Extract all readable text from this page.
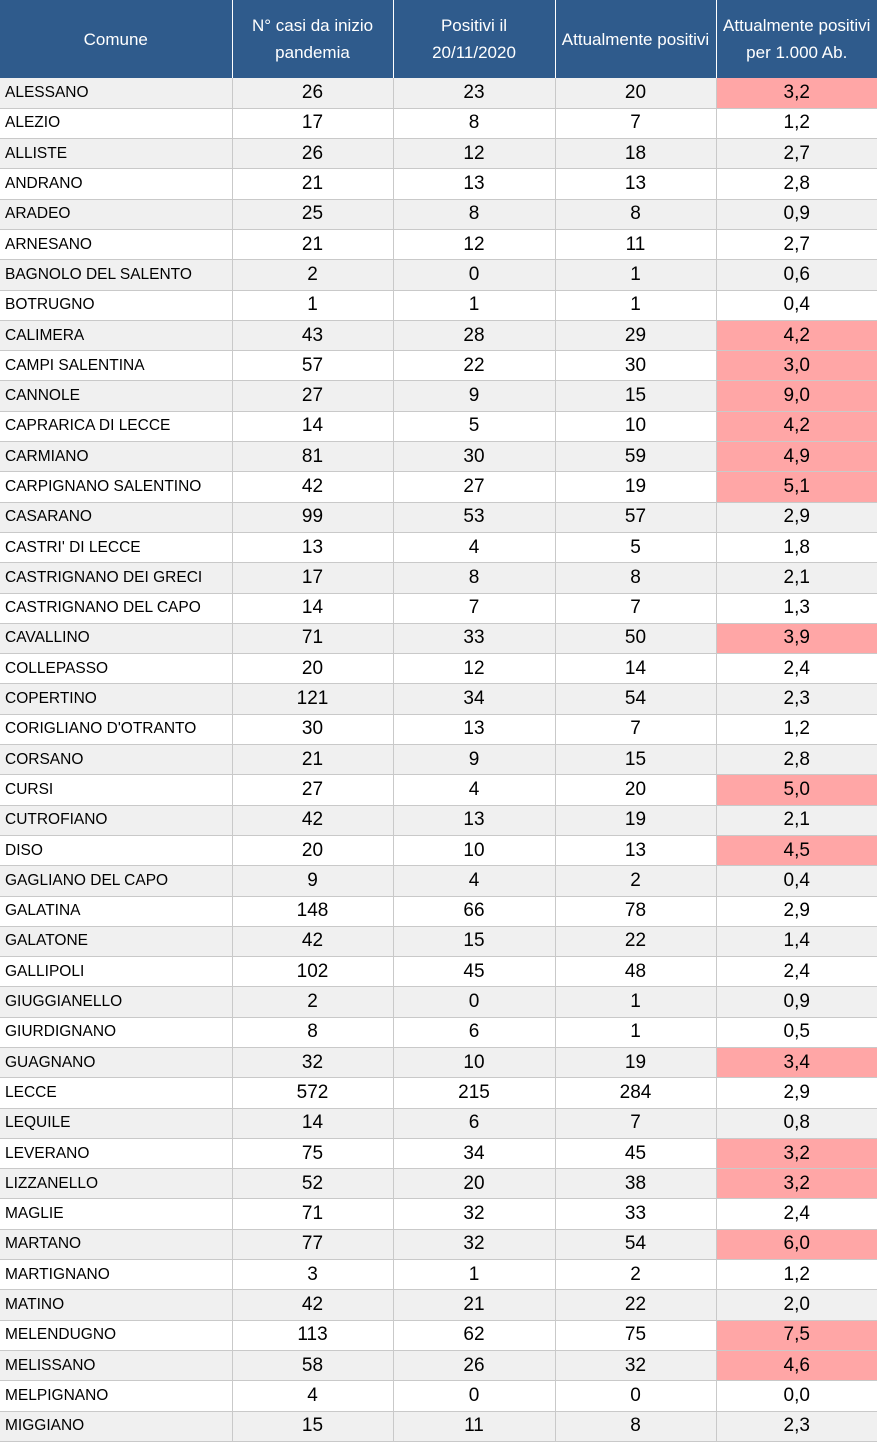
Comune	N° casi da inizio pandemia	Positivi il 20/11/2020	Attualmente positivi	Attualmente positivi per 1.000 Ab.
ALESSANO	26	23	20	3,2
ALEZIO	17	8	7	1,2
ALLISTE	26	12	18	2,7
ANDRANO	21	13	13	2,8
ARADEO	25	8	8	0,9
ARNESANO	21	12	11	2,7
BAGNOLO DEL SALENTO	2	0	1	0,6
BOTRUGNO	1	1	1	0,4
CALIMERA	43	28	29	4,2
CAMPI SALENTINA	57	22	30	3,0
CANNOLE	27	9	15	9,0
CAPRARICA DI LECCE	14	5	10	4,2
CARMIANO	81	30	59	4,9
CARPIGNANO SALENTINO	42	27	19	5,1
CASARANO	99	53	57	2,9
CASTRI' DI LECCE	13	4	5	1,8
CASTRIGNANO DEI GRECI	17	8	8	2,1
CASTRIGNANO DEL CAPO	14	7	7	1,3
CAVALLINO	71	33	50	3,9
COLLEPASSO	20	12	14	2,4
COPERTINO	121	34	54	2,3
CORIGLIANO D'OTRANTO	30	13	7	1,2
CORSANO	21	9	15	2,8
CURSI	27	4	20	5,0
CUTROFIANO	42	13	19	2,1
DISO	20	10	13	4,5
GAGLIANO DEL CAPO	9	4	2	0,4
GALATINA	148	66	78	2,9
GALATONE	42	15	22	1,4
GALLIPOLI	102	45	48	2,4
GIUGGIANELLO	2	0	1	0,9
GIURDIGNANO	8	6	1	0,5
GUAGNANO	32	10	19	3,4
LECCE	572	215	284	2,9
LEQUILE	14	6	7	0,8
LEVERANO	75	34	45	3,2
LIZZANELLO	52	20	38	3,2
MAGLIE	71	32	33	2,4
MARTANO	77	32	54	6,0
MARTIGNANO	3	1	2	1,2
MATINO	42	21	22	2,0
MELENDUGNO	113	62	75	7,5
MELISSANO	58	26	32	4,6
MELPIGNANO	4	0	0	0,0
MIGGIANO	15	11	8	2,3
